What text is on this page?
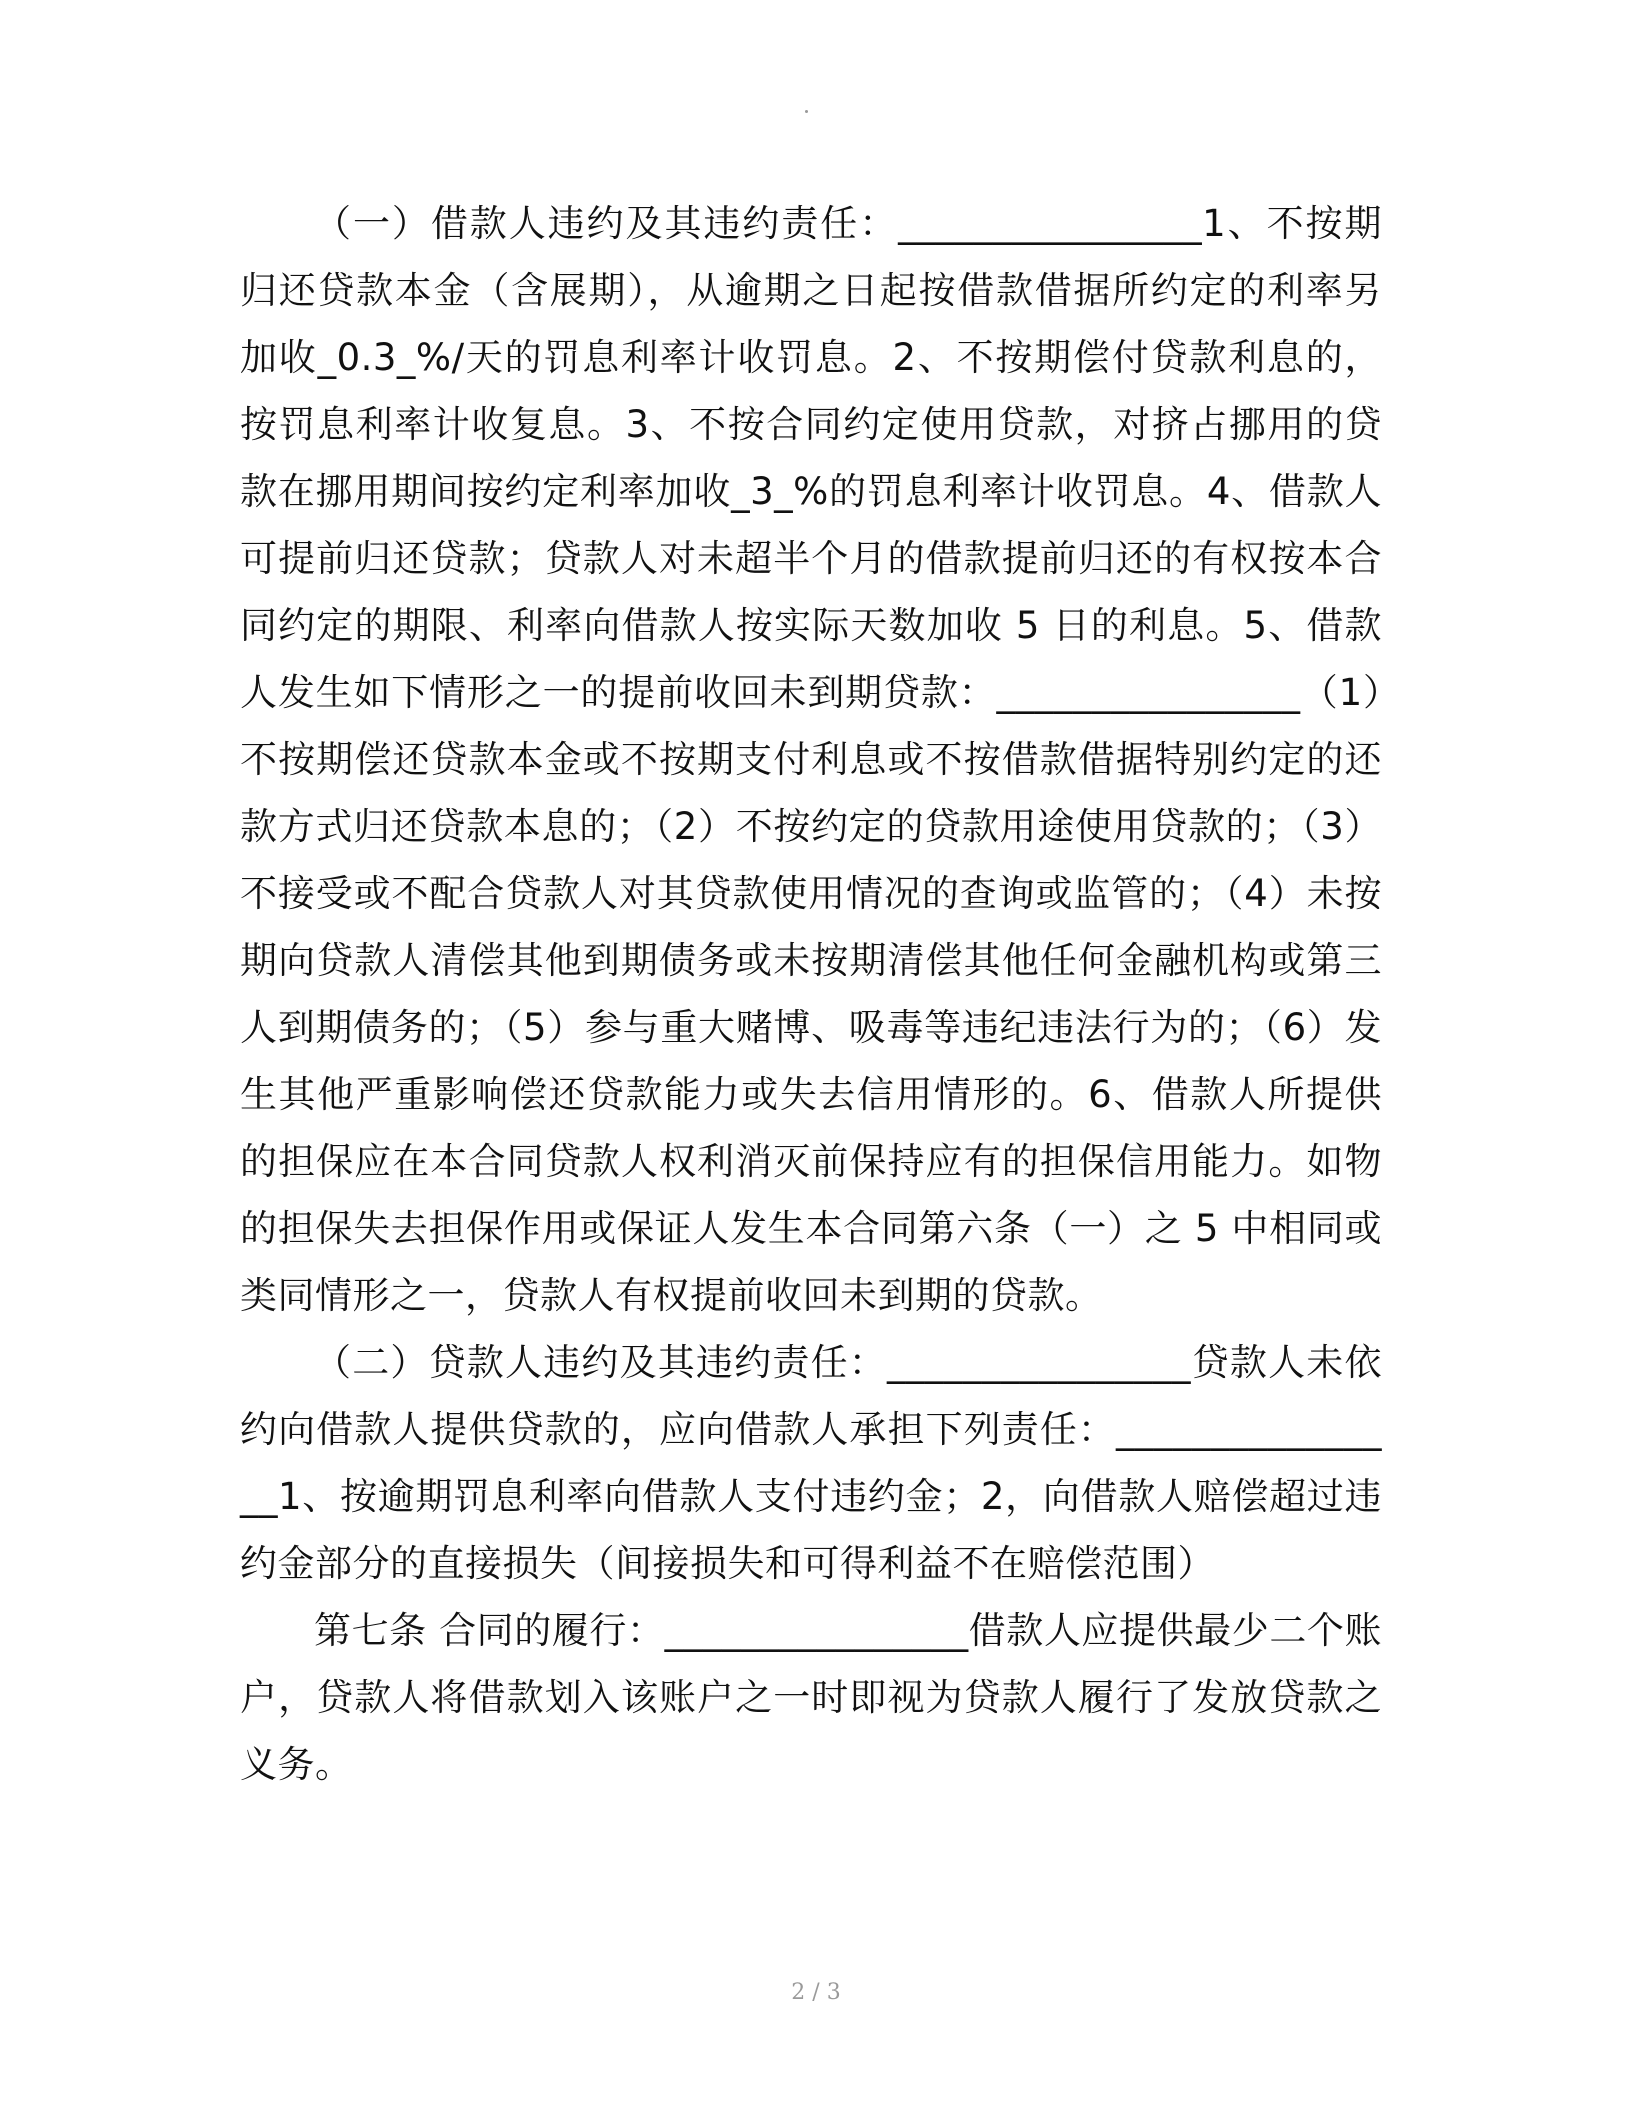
（一）借款人违约及其违约责任：________________1、不按期归还贷款本金（含展期），从逾期之日起按借款借据所约定的利率另加收_0.3_%/天的罚息利率计收罚息。2、不按期偿付贷款利息的，按罚息利率计收复息。3、不按合同约定使用贷款，对挤占挪用的贷款在挪用期间按约定利率加收_3_%的罚息利率计收罚息。4、借款人可提前归还贷款；贷款人对未超半个月的借款提前归还的有权按本合同约定的期限、利率向借款人按实际天数加收 5 日的利息。5、借款人发生如下情形之一的提前收回未到期贷款：________________（1）不按期偿还贷款本金或不按期支付利息或不按借款借据特别约定的还款方式归还贷款本息的；（2）不按约定的贷款用途使用贷款的；（3）不接受或不配合贷款人对其贷款使用情况的查询或监管的；（4）未按期向贷款人清偿其他到期债务或未按期清偿其他任何金融机构或第三人到期债务的；（5）参与重大赌博、吸毒等违纪违法行为的；（6）发生其他严重影响偿还贷款能力或失去信用情形的。6、借款人所提供的担保应在本合同贷款人权利消灭前保持应有的担保信用能力。如物的担保失去担保作用或保证人发生本合同第六条（一）之 5 中相同或类同情形之一，贷款人有权提前收回未到期的贷款。

（二）贷款人违约及其违约责任：________________贷款人未依约向借款人提供贷款的，应向借款人承担下列责任：________________1、按逾期罚息利率向借款人支付违约金；2，向借款人赔偿超过违约金部分的直接损失（间接损失和可得利益不在赔偿范围）

第七条 合同的履行：________________借款人应提供最少二个账户，贷款人将借款划入该账户之一时即视为贷款人履行了发放贷款之义务。

2 / 3
